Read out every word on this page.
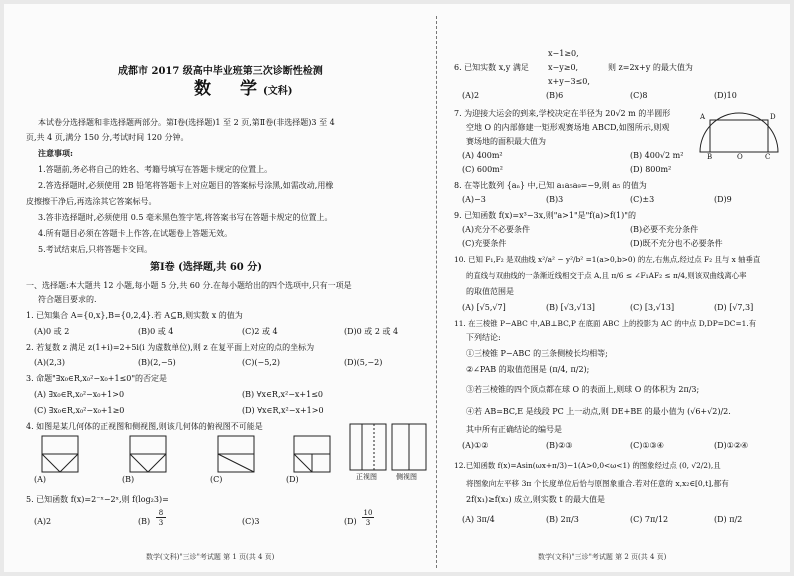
成都市 2017 级高中毕业班第三次诊断性检测
数　学(文科)
本试卷分选择题和非选择题两部分。第Ⅰ卷(选择题)1 至 2 页,第Ⅱ卷(非选择题)3 至 4
页,共 4 页,满分 150 分,考试时间 120 分钟。
注意事项:
1.答题前,务必将自己的姓名、考籍号填写在答题卡规定的位置上。
2.答选择题时,必须使用 2B 铅笔将答题卡上对应题目的答案标号涂黑,如需改动,用橡
皮擦擦干净后,再选涂其它答案标号。
3.答非选择题时,必须使用 0.5 毫米黑色签字笔,将答案书写在答题卡规定的位置上。
4.所有题目必须在答题卡上作答,在试题卷上答题无效。
5.考试结束后,只将答题卡交回。
第Ⅰ卷 (选择题,共 60 分)
一、选择题:本大题共 12 小题,每小题 5 分,共 60 分.在每小题给出的四个选项中,只有一项是
符合题目要求的.
1. 已知集合 A={0,x},B={0,2,4}.若 A⊆B,则实数 x 的值为
(A)0 或 2	(B)0 或 4	(C)2 或 4	(D)0 或 2 或 4
2. 若复数 z 满足 z(1+i)=2+5i(i 为虚数单位),则 z 在复平面上对应的点的坐标为
(A)(2,3)	(B)(2,−5)	(C)(−5,2)	(D)(5,−2)
3. 命题"∃x₀∈R,x₀²−x₀+1≤0"的否定是
(A) ∃x₀∈R,x₀²−x₀+1>0	(B) ∀x∈R,x²−x+1≤0
(C) ∃x₀∈R,x₀²−x₀+1≥0	(D) ∀x∈R,x²−x+1>0
4. 如图是某几何体的正视图和侧视图,则该几何体的俯视图不可能是
正视图	侧视图
(A)	(B)	(C)	(D)
5. 已知函数 f(x)=2⁻ˣ−2ˣ,则 f(log₂3)=
(A)2	(B)
8
3	(C)3	(D)
10
3
数学(文科)"三诊"考试题 第 1 页(共 4 页)
x−1≥0,
6. 已知实数 x,y 满足 x−y≥0,	则 z=2x+y 的最大值为
x+y−3≤0,
(A)2	(B)6	(C)8	(D)10
7. 为迎接大运会的到来,学校决定在半径为 20√2 m 的半圆形
空地 O 的内部修建一矩形观赛场地 ABCD,如图所示,则观
赛场地的面积最大值为
A	D
B	O	C
(A) 400m²	(B) 400√2 m²
(C) 600m²	(D) 800m²
8. 在等比数列 {aₙ} 中,已知 a₁a₅a₉=−9,则 a₅ 的值为
(A)−3	(B)3	(C)±3	(D)9
9. 已知函数 f(x)=x³−3x,则"a>1"是"f(a)>f(1)"的
(A)充分不必要条件	(B)必要不充分条件
(C)充要条件	(D)既不充分也不必要条件
10. 已知 F₁,F₂ 是双曲线 x²/a² − y²/b² =1(a>0,b>0) 的左,右焦点,经过点 F₂ 且与 x 轴垂直
的直线与双曲线的一条渐近线相交于点 A,且 π/6 ≤ ∠F₁AF₂ ≤ π/4,则该双曲线离心率
的取值范围是
(A) [√5,√7]	(B) [√3,√13]	(C) [3,√13]	(D) [√7,3]
11. 在三棱锥 P−ABC 中,AB⊥BC,P 在底面 ABC 上的投影为 AC 的中点 D,DP=DC=1.有
下列结论:
①三棱锥 P−ABC 的三条侧棱长均相等;
②∠PAB 的取值范围是 (π/4, π/2);
③若三棱锥的四个顶点都在球 O 的表面上,则球 O 的体积为 2π/3;
④若 AB=BC,E 是线段 PC 上一动点,则 DE+BE 的最小值为 (√6+√2)/2.
其中所有正确结论的编号是
(A)①②	(B)②③	(C)①③④	(D)①②④
12.已知函数 f(x)=Asin(ωx+π/3)−1(A>0,0<ω<1) 的图象经过点 (0, √2/2),且
将图象向左平移 3π 个长度单位后恰与原图象重合.若对任意的 x,x₂∈[0,t],都有
2f(x₁)≥f(x₂) 成立,则实数 t 的最大值是
(A) 3π/4	(B) 2π/3	(C) 7π/12	(D) π/2
数学(文科)"三诊"考试题 第 2 页(共 4 页)
